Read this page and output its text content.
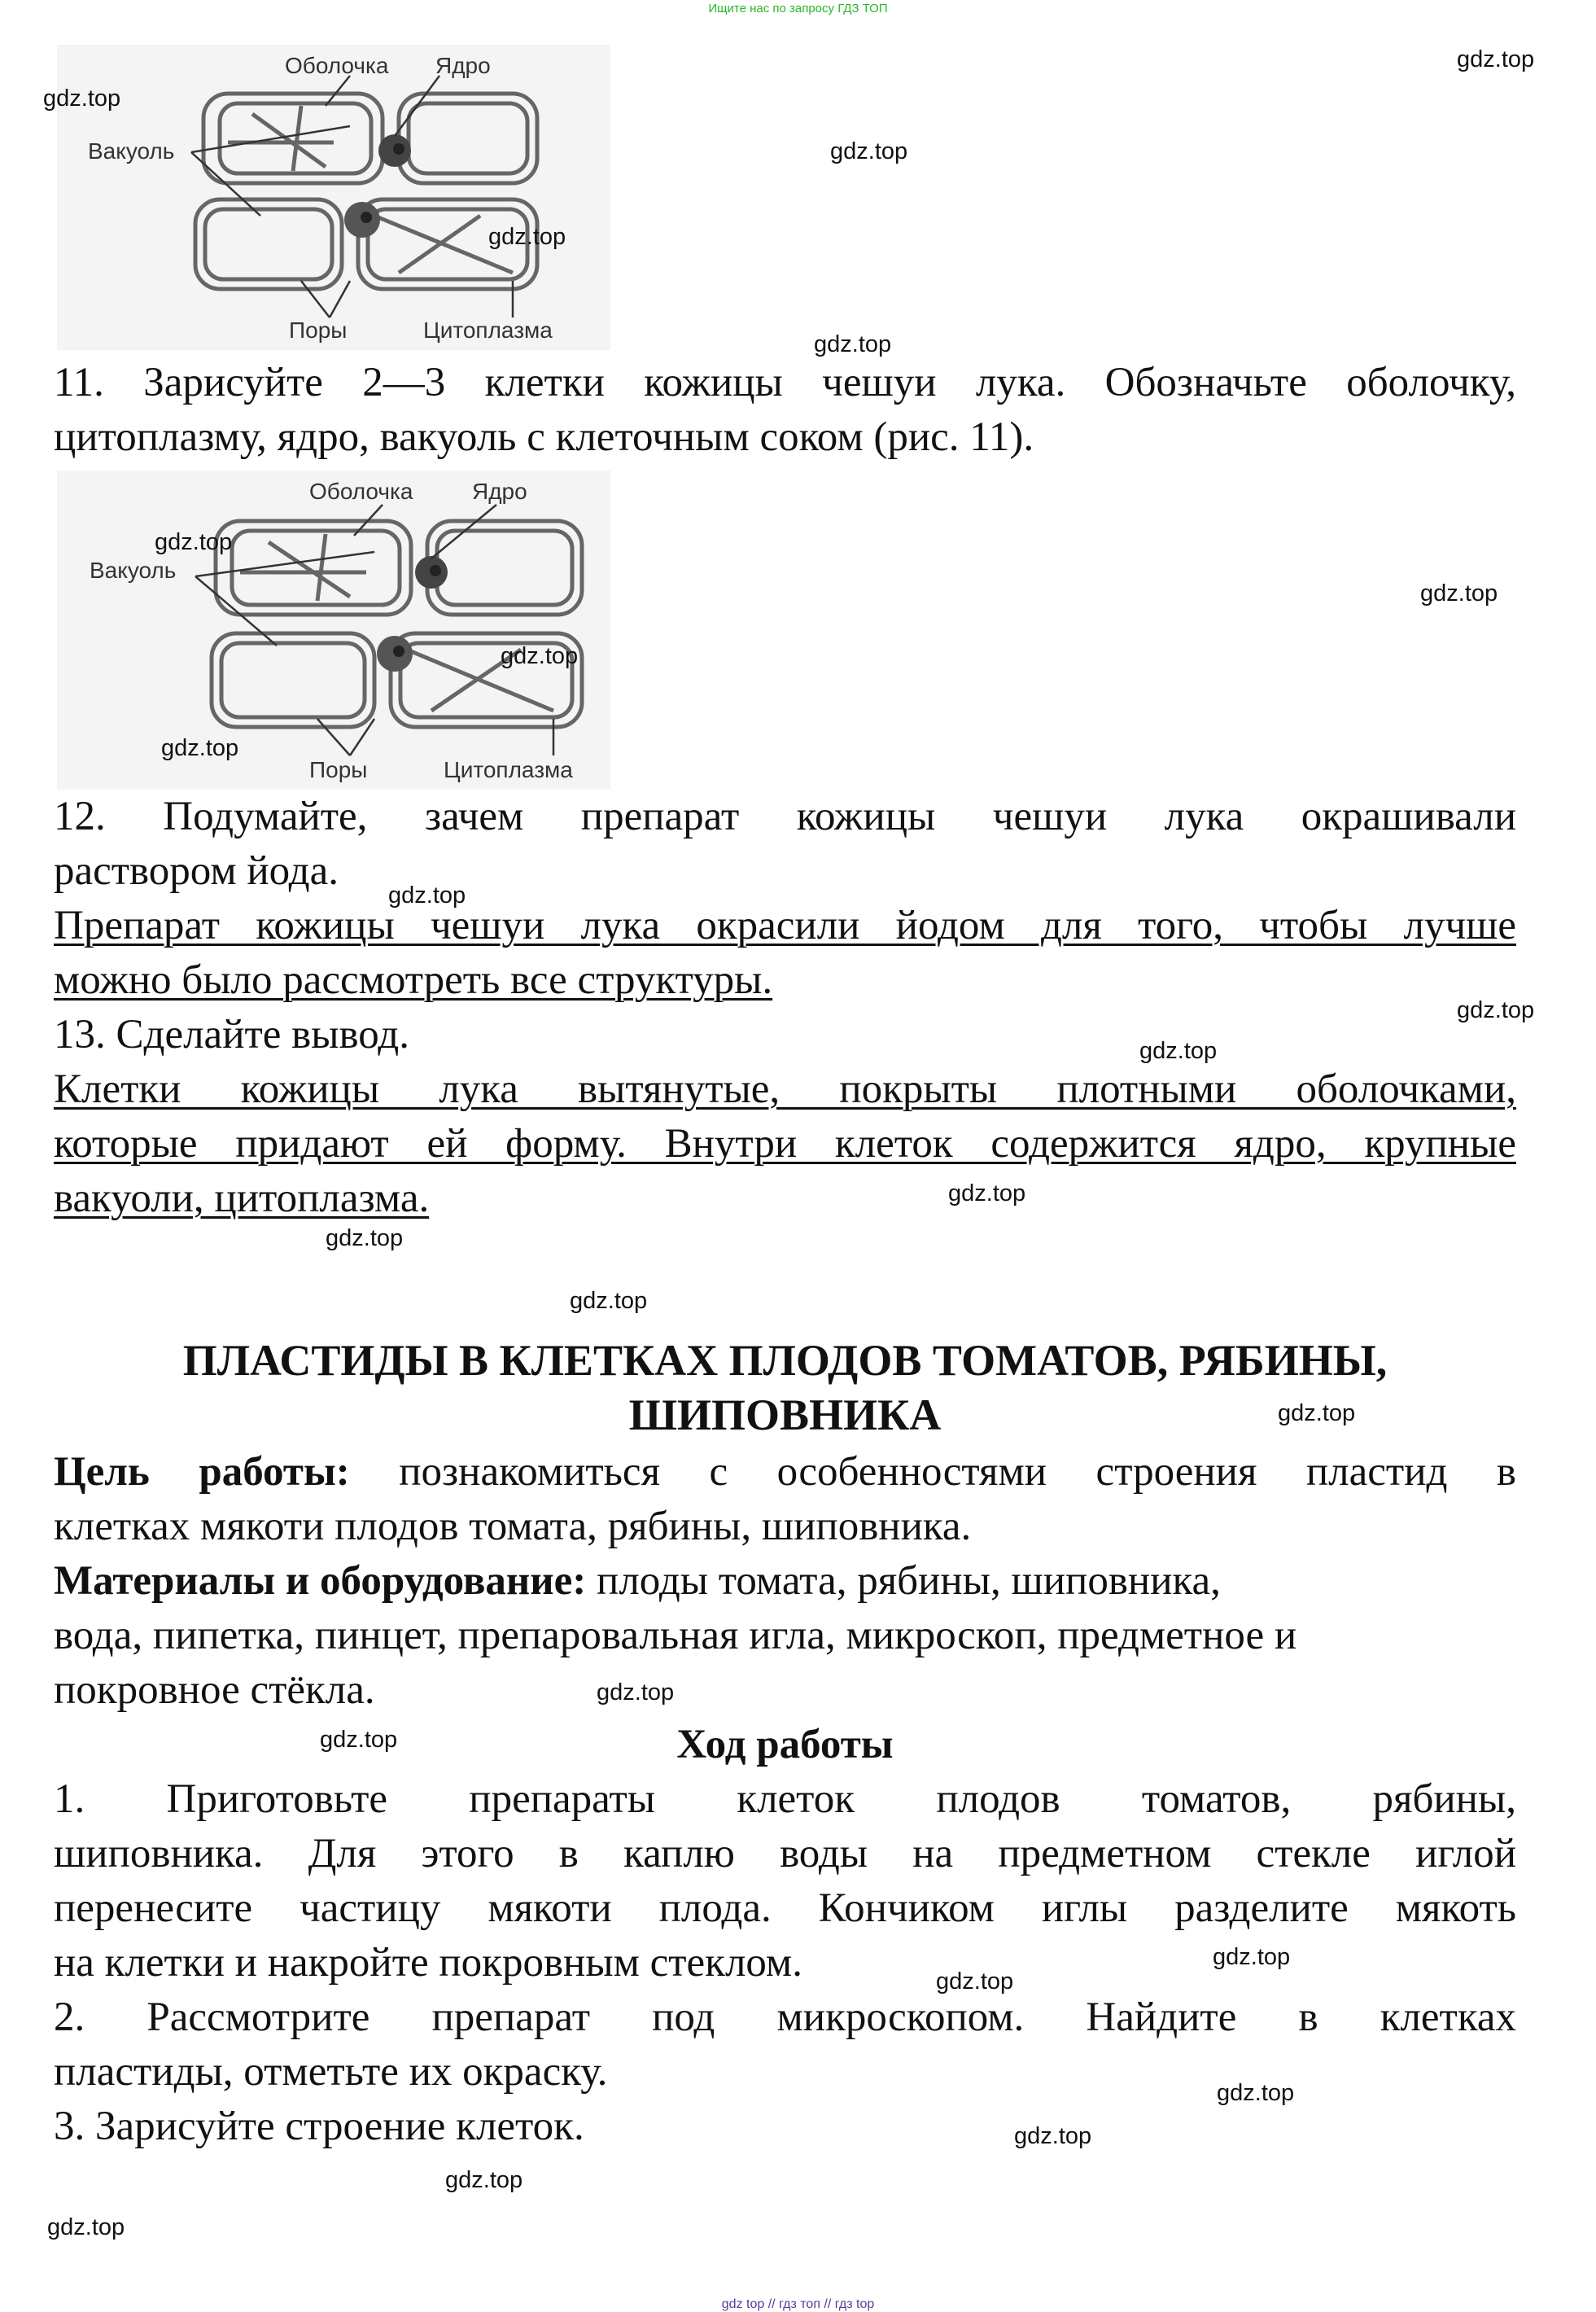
Ищите нас по запросу ГДЗ ТОП
Оболочка Ядро
Вакуоль
Поры	Цитоплазма
11. Зарисуйте 2—3 клетки кожицы чешуи лука. Обозначьте оболочку,
цитоплазму, ядро, вакуоль с клеточным соком (рис. 11).
Оболочка	Ядро
Вакуоль
Поры	Цитоплазма
12. Подумайте, зачем препарат кожицы чешуи лука окрашивали
раствором йода.
Препарат кожицы чешуи лука окрасили йодом для того, чтобы лучше
можно было рассмотреть все структуры.
13. Сделайте вывод.
Клетки кожицы лука вытянутые, покрыты плотными оболочками,
которые придают ей форму. Внутри клеток содержится ядро, крупные
вакуоли, цитоплазма.
ПЛАСТИДЫ В КЛЕТКАХ ПЛОДОВ ТОМАТОВ, РЯБИНЫ,
ШИПОВНИКА
Цель работы: познакомиться с особенностями строения пластид в
клетках мякоти плодов томата, рябины, шиповника.
Материалы и оборудование: плоды томата, рябины, шиповника,
вода, пипетка, пинцет, препаровальная игла, микроскоп, предметное и
покровное стёкла.
Ход работы
1. Приготовьте препараты клеток плодов томатов, рябины,
шиповника. Для этого в каплю воды на предметном стекле иглой
перенесите частицу мякоти плода. Кончиком иглы разделите мякоть
на клетки и накройте покровным стеклом.
2. Рассмотрите препарат под микроскопом. Найдите в клетках
пластиды, отметьте их окраску.
3. Зарисуйте строение клеток.
gdz.top
gdz.top
gdz.top
gdz.top
gdz.top
gdz.top
gdz.top
gdz.top
gdz.top
gdz.top
gdz.top
gdz.top
gdz.top
gdz.top
gdz.top
gdz.top
gdz.top
gdz.top
gdz.top
gdz.top
gdz.top
gdz.top
gdz.top
gdz.top
gdz top // гдз топ // гдз top
